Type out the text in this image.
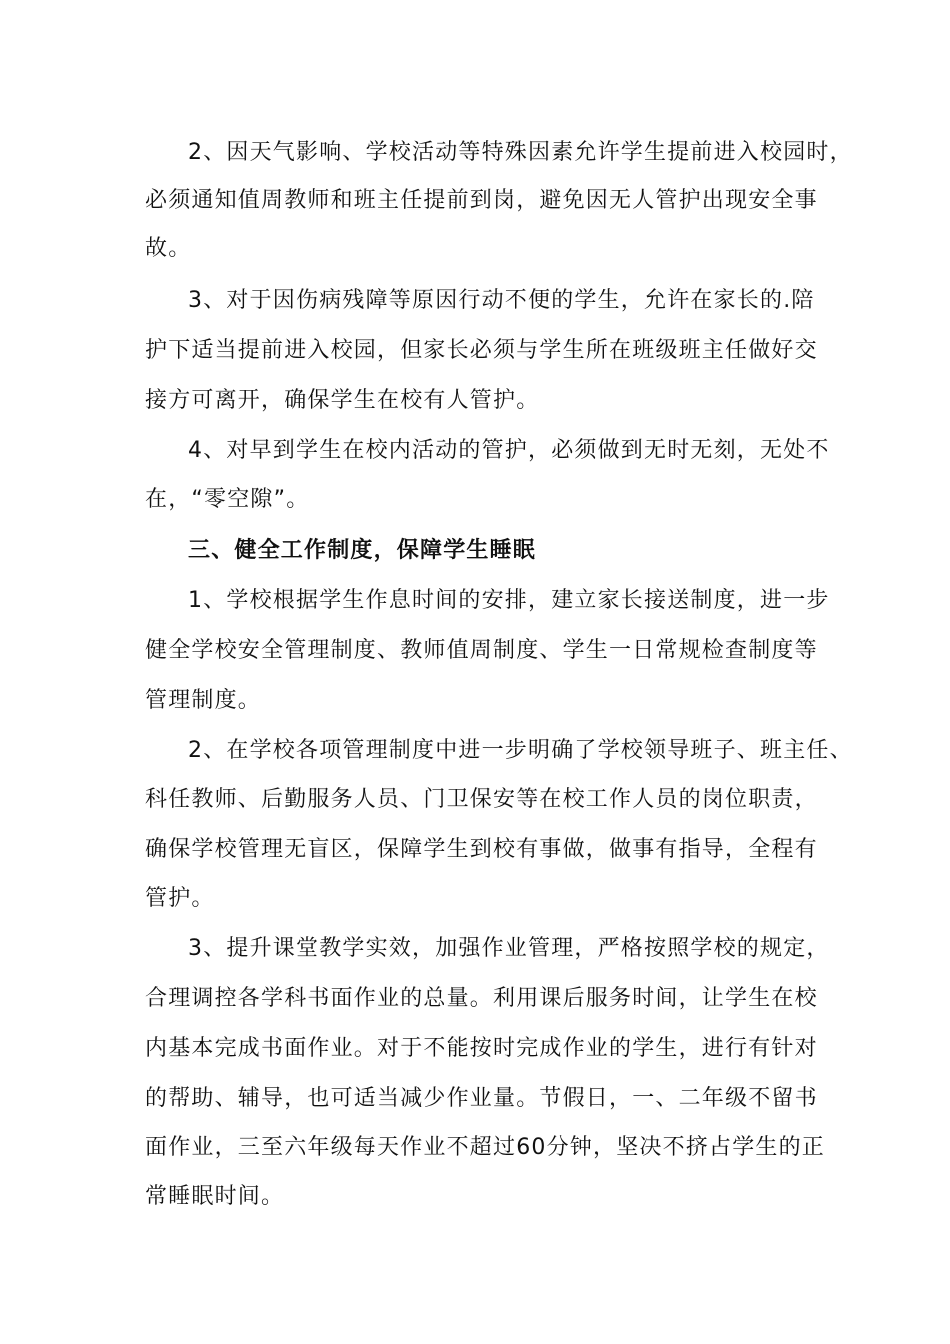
2、因天气影响、学校活动等特殊因素允许学生提前进入校园时，
必须通知值周教师和班主任提前到岗，避免因无人管护出现安全事
故。
3、对于因伤病残障等原因行动不便的学生，允许在家长的.陪
护下适当提前进入校园，但家长必须与学生所在班级班主任做好交
接方可离开，确保学生在校有人管护。
4、对早到学生在校内活动的管护，必须做到无时无刻，无处不
在，“零空隙”。
三、健全工作制度，保障学生睡眠
1、学校根据学生作息时间的安排，建立家长接送制度，进一步
健全学校安全管理制度、教师值周制度、学生一日常规检查制度等
管理制度。
2、在学校各项管理制度中进一步明确了学校领导班子、班主任、
科任教师、后勤服务人员、门卫保安等在校工作人员的岗位职责，
确保学校管理无盲区，保障学生到校有事做，做事有指导，全程有
管护。
3、提升课堂教学实效，加强作业管理，严格按照学校的规定，
合理调控各学科书面作业的总量。利用课后服务时间，让学生在校
内基本完成书面作业。对于不能按时完成作业的学生，进行有针对
的帮助、辅导，也可适当减少作业量。节假日，一、二年级不留书
面作业，三至六年级每天作业不超过60分钟，坚决不挤占学生的正
常睡眠时间。
